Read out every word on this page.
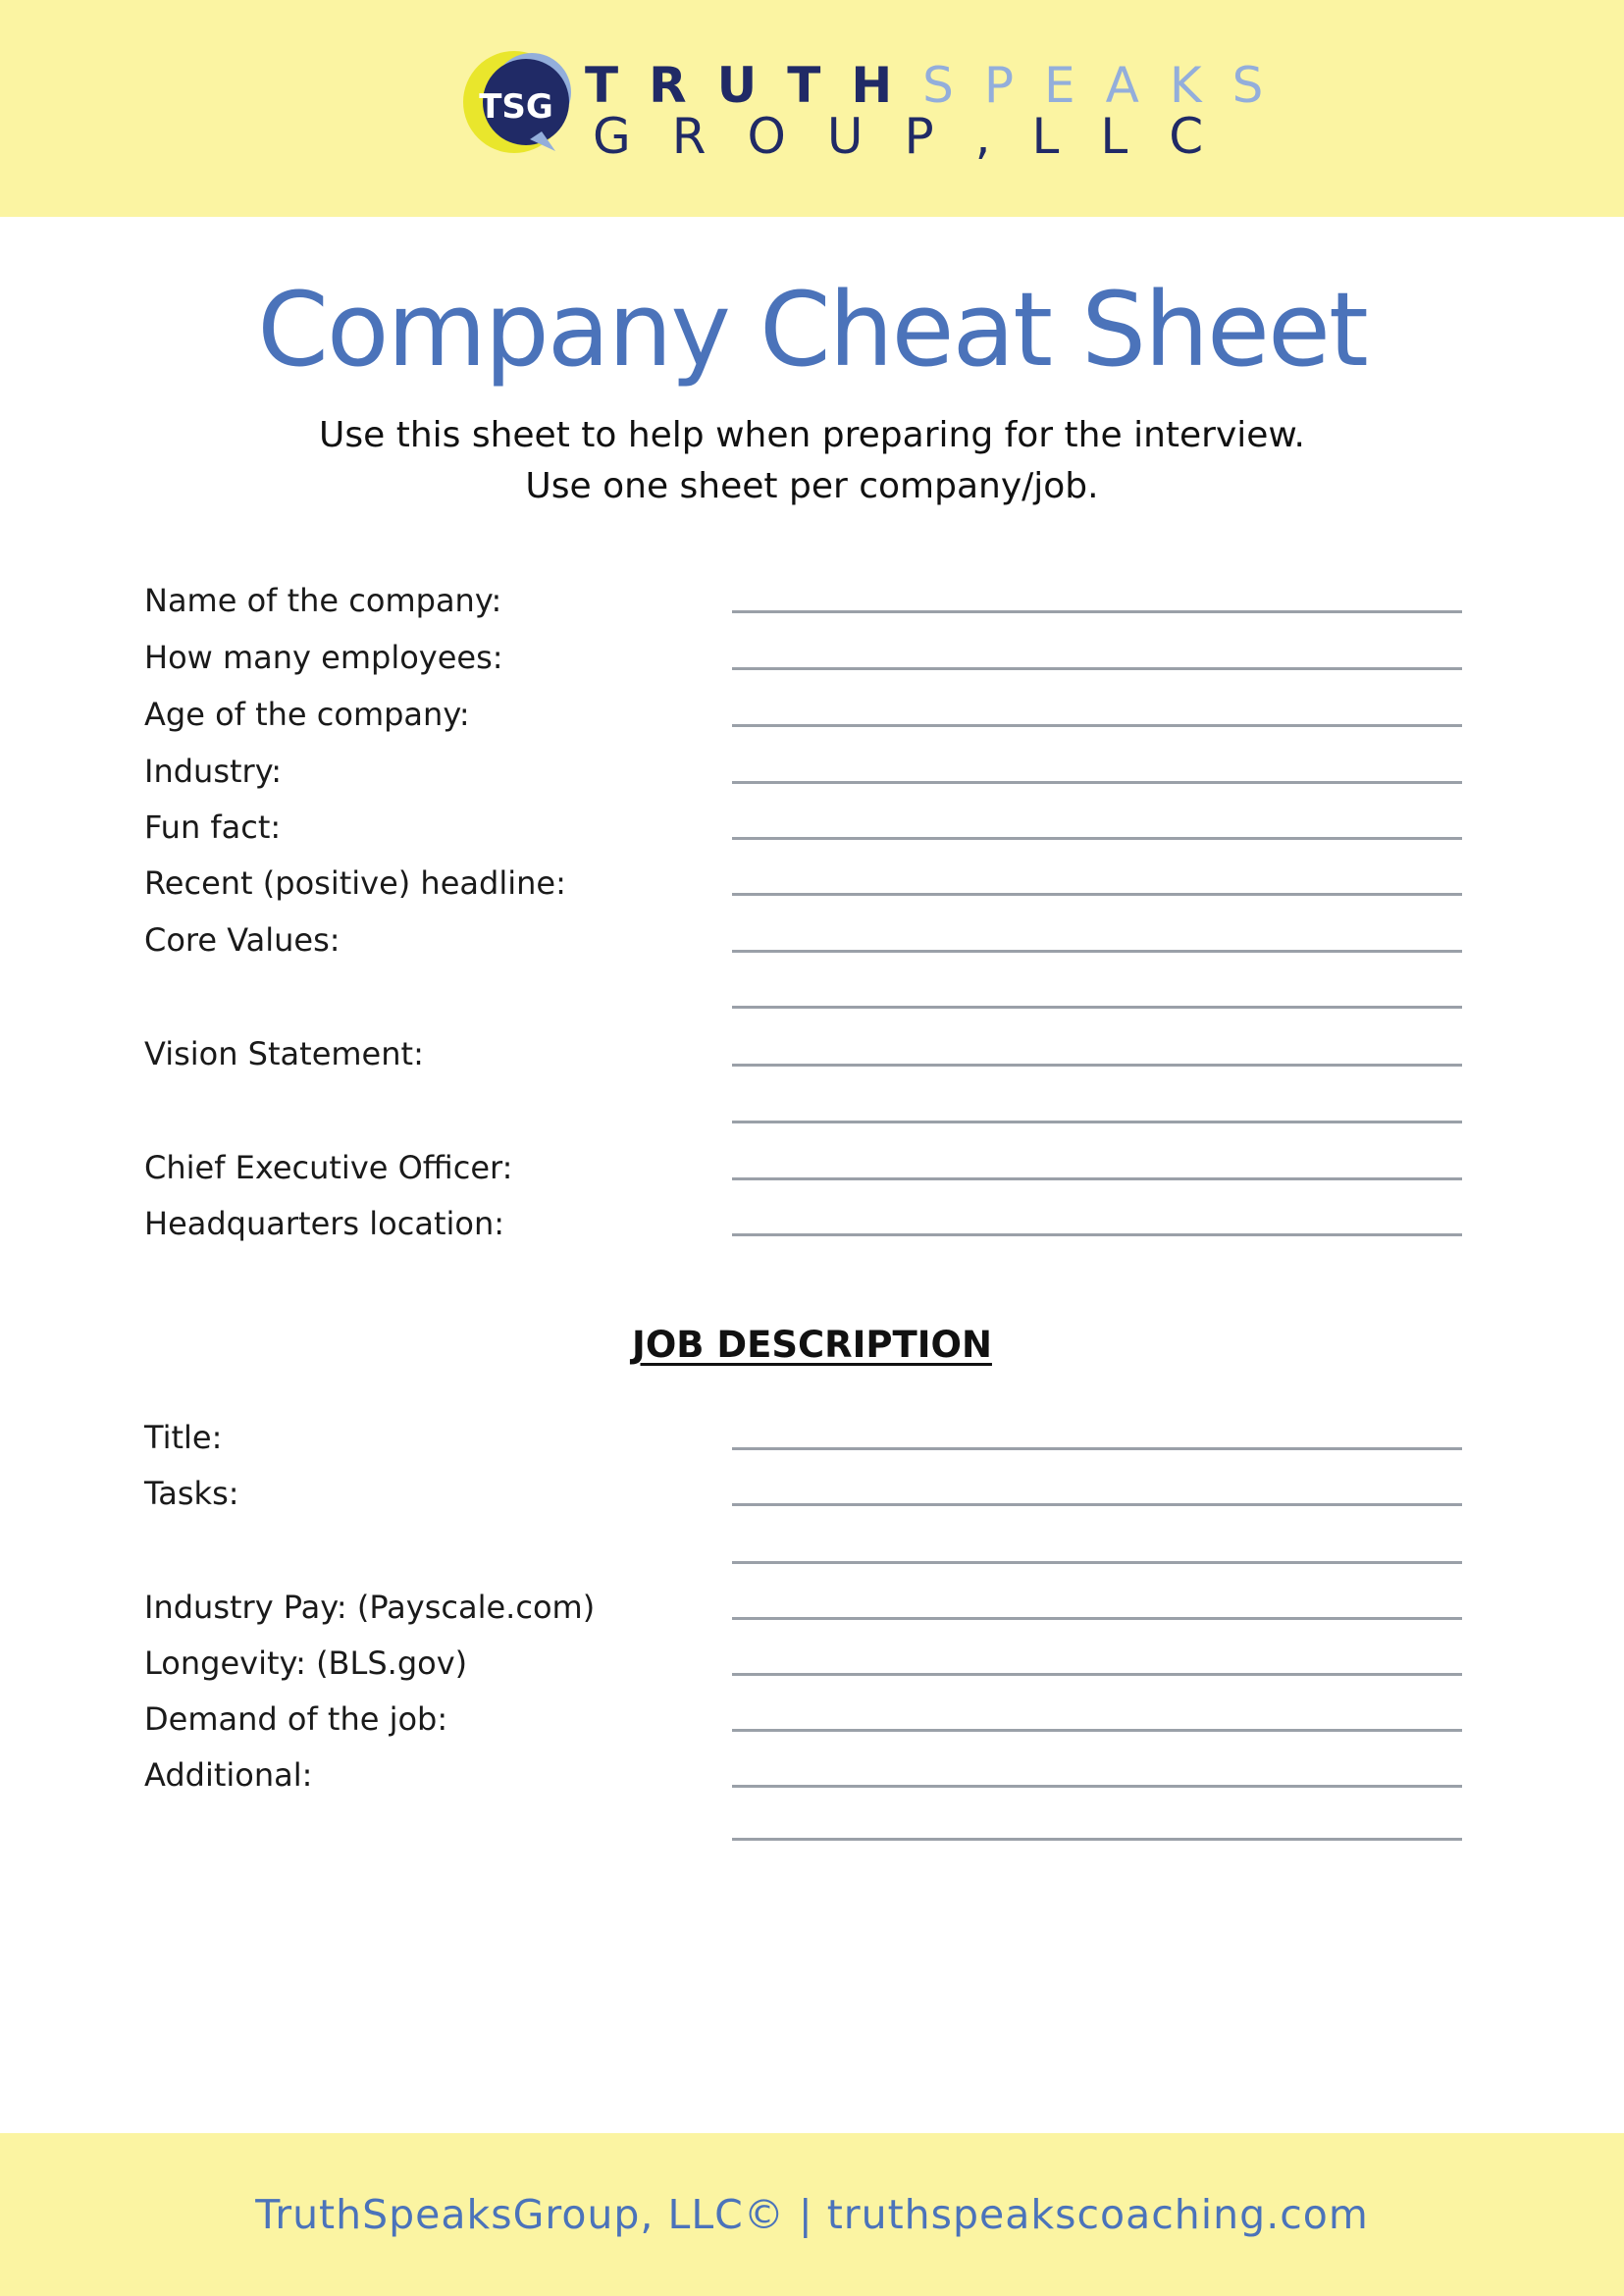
TSG TRUTHSPEAKS
GROUP,LLC
Company Cheat Sheet
Use this sheet to help when preparing for the interview.
Use one sheet per company/job.
Name of the company:
How many employees:
Age of the company:
Industry:
Fun fact:
Recent (positive) headline:
Core Values:
Vision Statement:
Chief Executive Officer:
Headquarters location:
JOB DESCRIPTION
Title:
Tasks:
Industry Pay: (Payscale.com)
Longevity: (BLS.gov)
Demand of the job:
Additional:
TruthSpeaksGroup, LLC© | truthspeakscoaching.com
